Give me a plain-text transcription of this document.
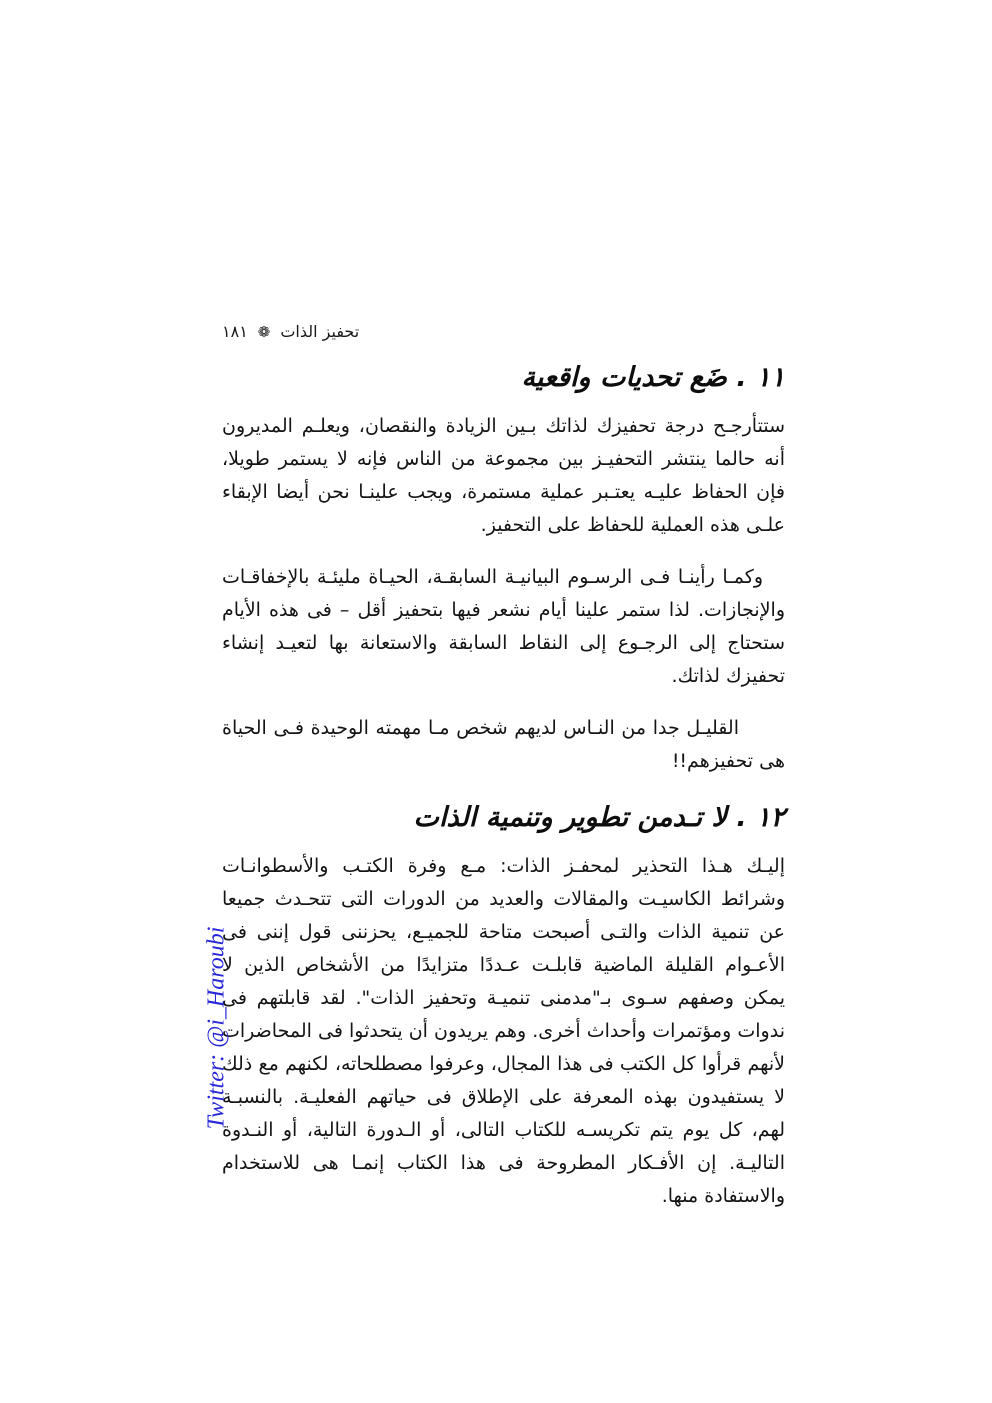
تحفيز الذات❁١٨١
١١ . ضَع تحديات واقعية

ستتأرجـح درجة تحفيزك لذاتك بـين الزيادة والنقصان، ويعلـم المديرون أنه حالما ينتشر التحفيـز بين مجموعة من الناس فإنه لا يستمر طويلا، فإن الحفاظ عليـه يعتـبر عملية مستمرة، ويجب علينـا نحن أيضا الإبقاء علـى هذه العملية للحفاظ على التحفيز.

وكمـا رأينـا فـى الرسـوم البيانيـة السابقـة، الحيـاة مليئـة بالإخفاقـات والإنجازات. لذا ستمر علينا أيام نشعر فيها بتحفيز أقل – فى هذه الأيام ستحتاج إلى الرجـوع إلى النقاط السابقة والاستعانة بها لتعيـد إنشاء تحفيزك لذاتك.

القليـل جدا من النـاس لديهم شخص مـا مهمته الوحيدة فـى الحياة هى تحفيزهم!!

١٢ . لا تـدمن تطوير وتنمية الذات

إليـك هـذا التحذير لمحفـز الذات: مـع وفرة الكتـب والأسطوانـات وشرائط الكاسيـت والمقالات والعديد من الدورات التى تتحـدث جميعا عن تنمية الذات والتـى أصبحت متاحة للجميـع، يحزننى قول إننى فى الأعـوام القليلة الماضية قابلـت عـددًا متزايدًا من الأشخاص الذين لا يمكن وصفهم سـوى بـ"مدمنى تنميـة وتحفيز الذات". لقد قابلتهم فى ندوات ومؤتمرات وأحداث أخرى. وهم يريدون أن يتحدثوا فى المحاضرات لأنهم قرأوا كل الكتب فى هذا المجال، وعرفوا مصطلحاته، لكنهم مع ذلك لا يستفيدون بهذه المعرفة على الإطلاق فى حياتهم الفعليـة. بالنسبـة لهم، كل يوم يتم تكريسـه للكتاب التالى، أو الـدورة التالية، أو النـدوة التاليـة. إن الأفـكار المطروحة فى هذا الكتاب إنمـا هى للاستخدام والاستفادة منها.

Twitter: @i_Haroubi
